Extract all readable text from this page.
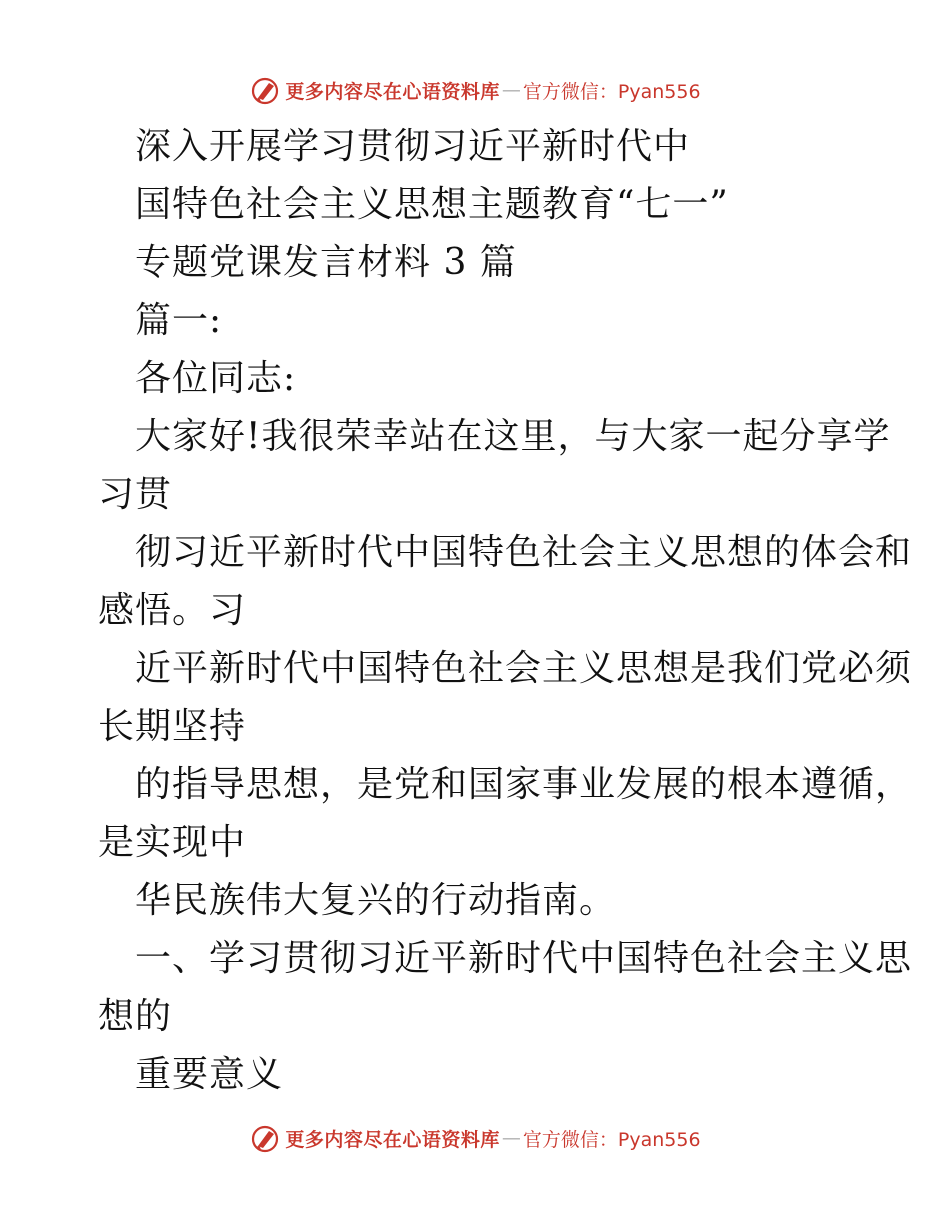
更多内容尽在心语资料库 — 官方微信：Pyan556
深入开展学习贯彻习近平新时代中
国特色社会主义思想主题教育“七一”
专题党课发言材料 3 篇
篇一:
各位同志:
大家好!我很荣幸站在这里，与大家一起分享学
习贯
彻习近平新时代中国特色社会主义思想的体会和
感悟。习
近平新时代中国特色社会主义思想是我们党必须
长期坚持
的指导思想，是党和国家事业发展的根本遵循，
是实现中
华民族伟大复兴的行动指南。
一、学习贯彻习近平新时代中国特色社会主义思
想的
重要意义
更多内容尽在心语资料库 — 官方微信：Pyan556
